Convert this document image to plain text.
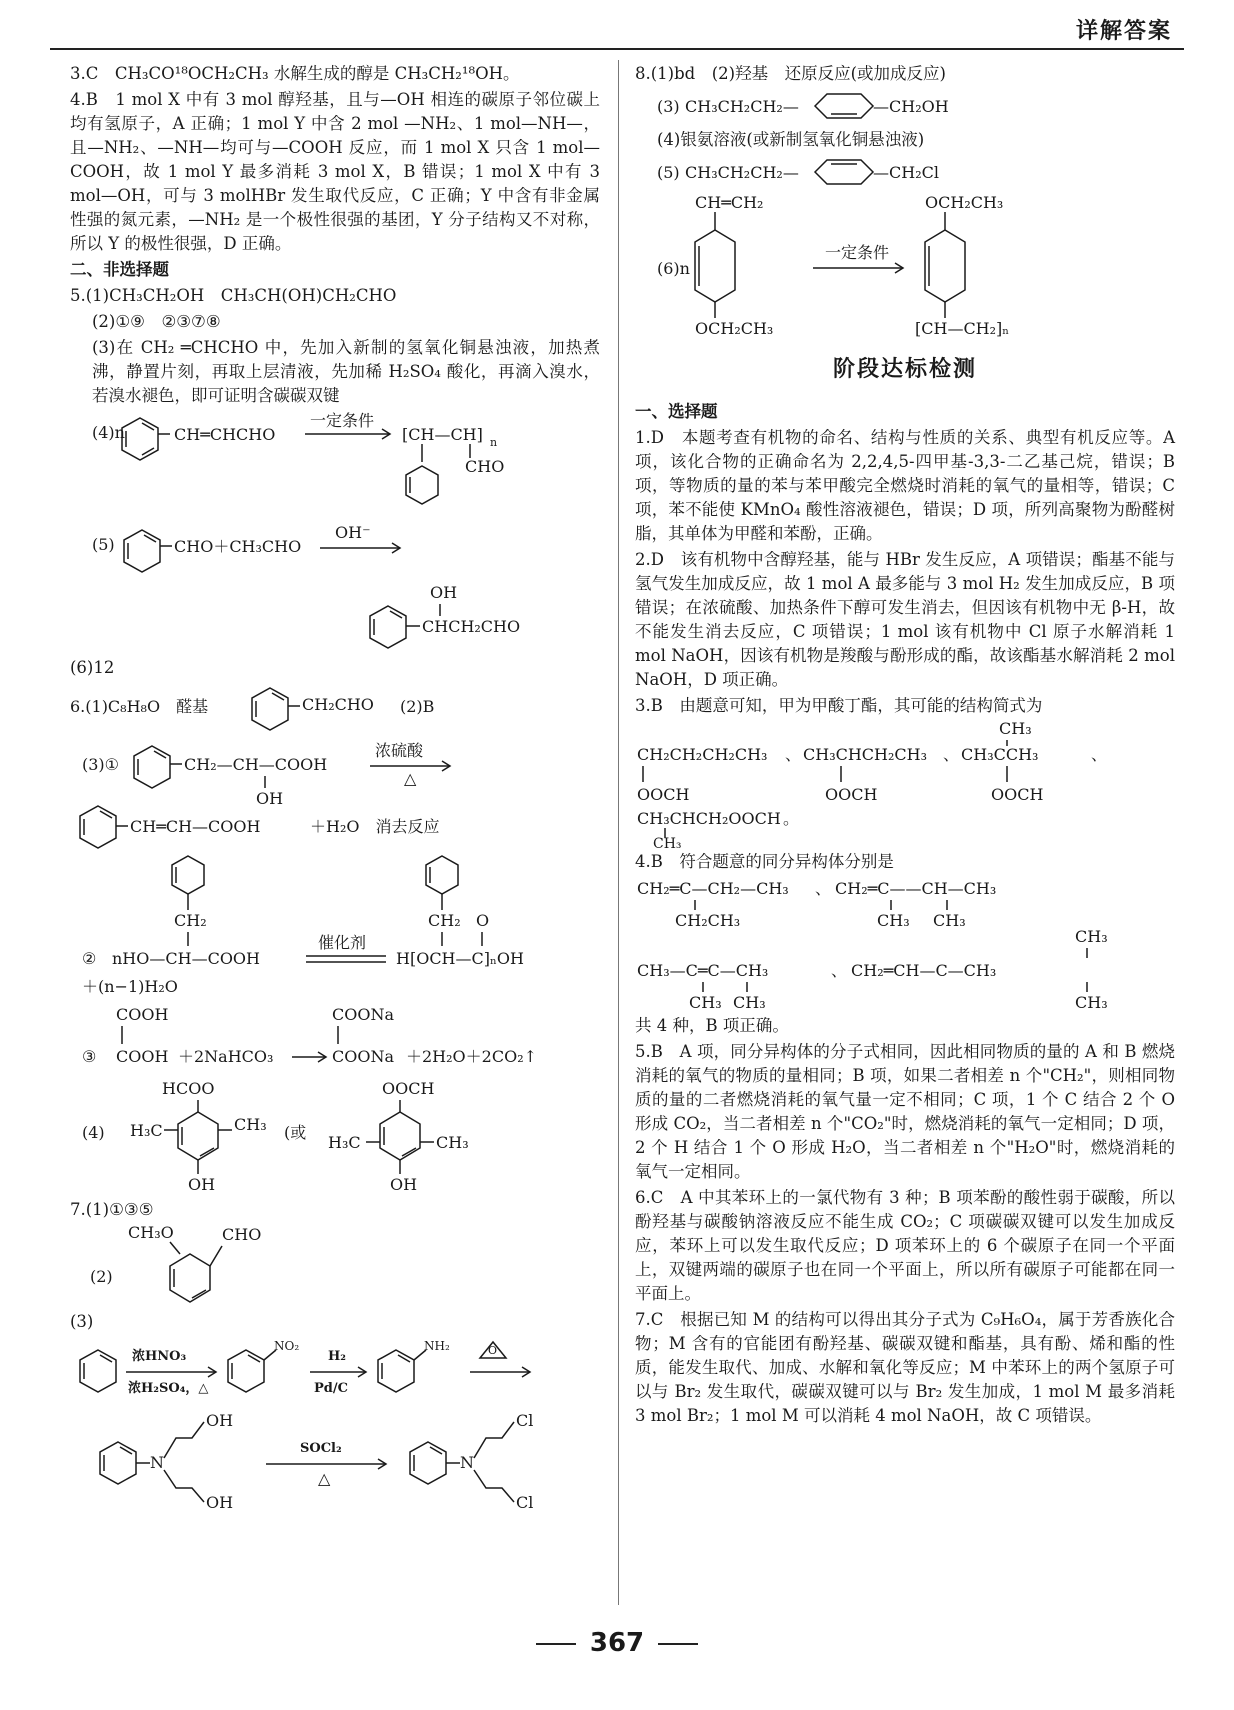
详解答案

3.C　CH₃CO¹⁸OCH₂CH₃ 水解生成的醇是 CH₃CH₂¹⁸OH。

4.B　1 mol X 中有 3 mol 醇羟基，且与—OH 相连的碳原子邻位碳上均有氢原子，A 正确；1 mol Y 中含 2 mol —NH₂、1 mol—NH—，且—NH₂、—NH—均可与—COOH 反应，而 1 mol X 只含 1 mol—COOH，故 1 mol Y 最多消耗 3 mol X，B 错误；1 mol X 中有 3 mol—OH，可与 3 molHBr 发生取代反应，C 正确；Y 中含有非金属性强的氮元素，—NH₂ 是一个极性很强的基团，Y 分子结构又不对称，所以 Y 的极性很强，D 正确。

二、非选择题

5.(1)CH₃CH₂OH　CH₃CH(OH)CH₂CHO

(2)①⑨　②③⑦⑧

(3)在 CH₂ ═CHCHO 中，先加入新制的氢氧化铜悬浊液，加热煮沸，静置片刻，再取上层清液，先加稀 H₂SO₄ 酸化，再滴入溴水，若溴水褪色，即可证明含碳碳双键

(4)n	CH═CHCHO
一定条件
[CH—CH] n
CHO
(5)	CHO＋CH₃CHO
OH⁻
OH
CHCH₂CHO

(6)12

6.(1)C₈H₈O　醛基	CH₂CHO (2)B
(3)①	CH₂—CH—COOH
OH
浓硫酸
△
CH═CH—COOH	＋H₂O　消去反应
CH₂
② nHO—CH—COOH
催化剂
CH₂ O
H[OCH—C]ₙOH
＋(n−1)H₂O
COOH
③ COOH ＋2NaHCO₃
COONa
COONa ＋2H₂O＋2CO₂↑
(4)
HCOO
H₃C	CH₃
OH
(或
OOCH
H₃C	CH₃
OH

7.(1)①③⑤

(2)
CH₃O	CHO

(3)

浓HNO₃
浓H₂SO₄，△
NO₂
H₂
Pd/C
NH₂	O
N
OH
OH
SOCl₂
△
N
Cl
Cl

8.(1)bd　(2)羟基　还原反应(或加成反应)

(3) CH₃CH₂CH₂—	—CH₂OH

(4)银氨溶液(或新制氢氧化铜悬浊液)

(5) CH₃CH₂CH₂—	—CH₂Cl
CH═CH₂
(6)n
OCH₂CH₃
一定条件
OCH₂CH₃
[CH—CH₂]ₙ
阶段达标检测

一、选择题

1.D　本题考查有机物的命名、结构与性质的关系、典型有机反应等。A 项，该化合物的正确命名为 2,2,4,5-四甲基-3,3-二乙基己烷，错误；B 项，等物质的量的苯与苯甲酸完全燃烧时消耗的氧气的量相等，错误；C 项，苯不能使 KMnO₄ 酸性溶液褪色，错误；D 项，所列高聚物为酚醛树脂，其单体为甲醛和苯酚，正确。

2.D　该有机物中含醇羟基，能与 HBr 发生反应，A 项错误；酯基不能与氢气发生加成反应，故 1 mol A 最多能与 3 mol H₂ 发生加成反应，B 项错误；在浓硫酸、加热条件下醇可发生消去，但因该有机物中无 β-H，故不能发生消去反应，C 项错误；1 mol 该有机物中 Cl 原子水解消耗 1 mol NaOH，因该有机物是羧酸与酚形成的酯，故该酯基水解消耗 2 mol NaOH，D 项正确。

3.B　由题意可知，甲为甲酸丁酯，其可能的结构简式为

CH₂CH₂CH₂CH₃
OOCH
、 CH₃CHCH₂CH₃
OOCH
、
CH₃
CH₃CCH₃
OOCH
、
CH₃CHCH₂OOCH 。
CH₃

4.B　符合题意的同分异构体分别是

CH₂═C—CH₂—CH₃
CH₂CH₃
、 CH₂═C——CH—CH₃
CH₃ CH₃
CH₃
CH₃—C═C—CH₃
CH₃ CH₃
、 CH₂═CH—C—CH₃
CH₃

共 4 种，B 项正确。

5.B　A 项，同分异构体的分子式相同，因此相同物质的量的 A 和 B 燃烧消耗的氧气的物质的量相同；B 项，如果二者相差 n 个"CH₂"，则相同物质的量的二者燃烧消耗的氧气量一定不相同；C 项，1 个 C 结合 2 个 O 形成 CO₂，当二者相差 n 个"CO₂"时，燃烧消耗的氧气一定相同；D 项，2 个 H 结合 1 个 O 形成 H₂O，当二者相差 n 个"H₂O"时，燃烧消耗的氧气一定相同。

6.C　A 中其苯环上的一氯代物有 3 种；B 项苯酚的酸性弱于碳酸，所以酚羟基与碳酸钠溶液反应不能生成 CO₂；C 项碳碳双键可以发生加成反应，苯环上可以发生取代反应；D 项苯环上的 6 个碳原子在同一个平面上，双键两端的碳原子也在同一个平面上，所以所有碳原子可能都在同一平面上。

7.C　根据已知 M 的结构可以得出其分子式为 C₉H₆O₄，属于芳香族化合物；M 含有的官能团有酚羟基、碳碳双键和酯基，具有酚、烯和酯的性质，能发生取代、加成、水解和氧化等反应；M 中苯环上的两个氢原子可以与 Br₂ 发生取代，碳碳双键可以与 Br₂ 发生加成，1 mol M 最多消耗 3 mol Br₂；1 mol M 可以消耗 4 mol NaOH，故 C 项错误。

367
